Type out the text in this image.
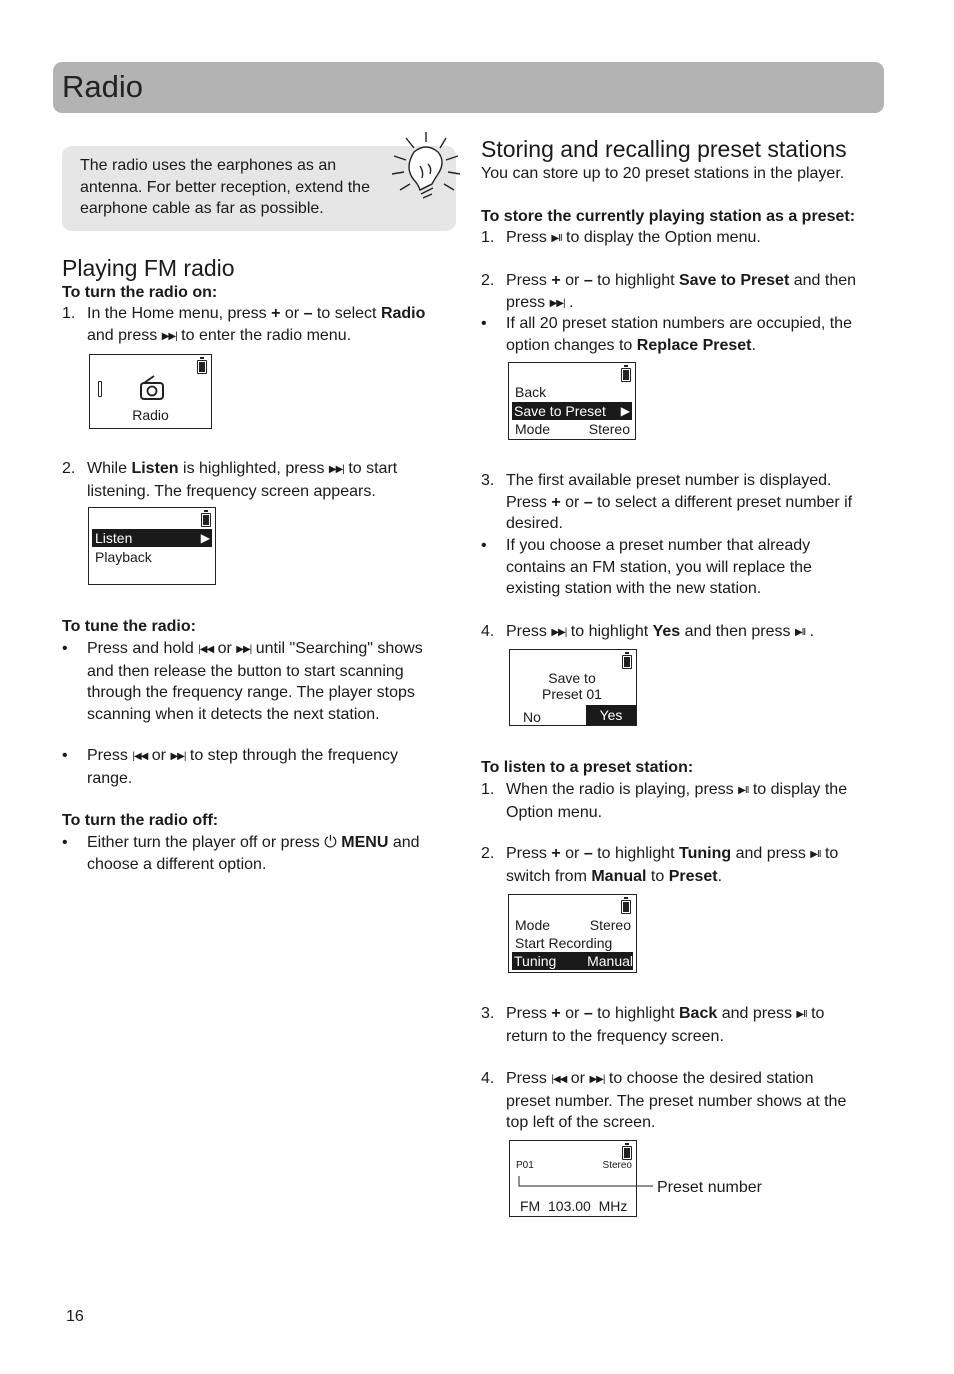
Radio
The radio uses the earphones as an antenna. For better reception, extend the earphone cable as far as possible.
Playing FM radio
To turn the radio on:
1. In the Home menu, press + or – to select Radio
and press ▶▶| to enter the radio menu.
Radio
2. While Listen is highlighted, press ▶▶| to start
listening. The frequency screen appears.
Listen	▶
Playback
To tune the radio:
• Press and hold |◀◀ or ▶▶| until "Searching" shows
and then release the button to start scanning
through the frequency range. The player stops
scanning when it detects the next station.
• Press |◀◀ or ▶▶| to step through the frequency
range.
To turn the radio off:
• Either turn the player off or press ⏻ MENU and
choose a different option.
Storing and recalling preset stations
You can store up to 20 preset stations in the player.
To store the currently playing station as a preset:
1. Press ▶II to display the Option menu.
2. Press + or – to highlight Save to Preset and then
press ▶▶| .
• If all 20 preset station numbers are occupied, the
option changes to Replace Preset.
Back
Save to Preset ▶
Mode	Stereo
3. The first available preset number is displayed.
Press + or – to select a different preset number if
desired.
• If you choose a preset number that already
contains an FM station, you will replace the
existing station with the new station.
4. Press ▶▶| to highlight Yes and then press ▶II .
Save to
Preset 01
No	Yes
To listen to a preset station:
1. When the radio is playing, press ▶II to display the
Option menu.
2. Press + or – to highlight Tuning and press ▶II to
switch from Manual to Preset.
Mode	Stereo
Start Recording
Tuning Manual
3. Press + or – to highlight Back and press ▶II to
return to the frequency screen.
4. Press |◀◀ or ▶▶| to choose the desired station
preset number. The preset number shows at the
top left of the screen.
P01	Stereo
FM  103.00  MHz
Preset number
16
